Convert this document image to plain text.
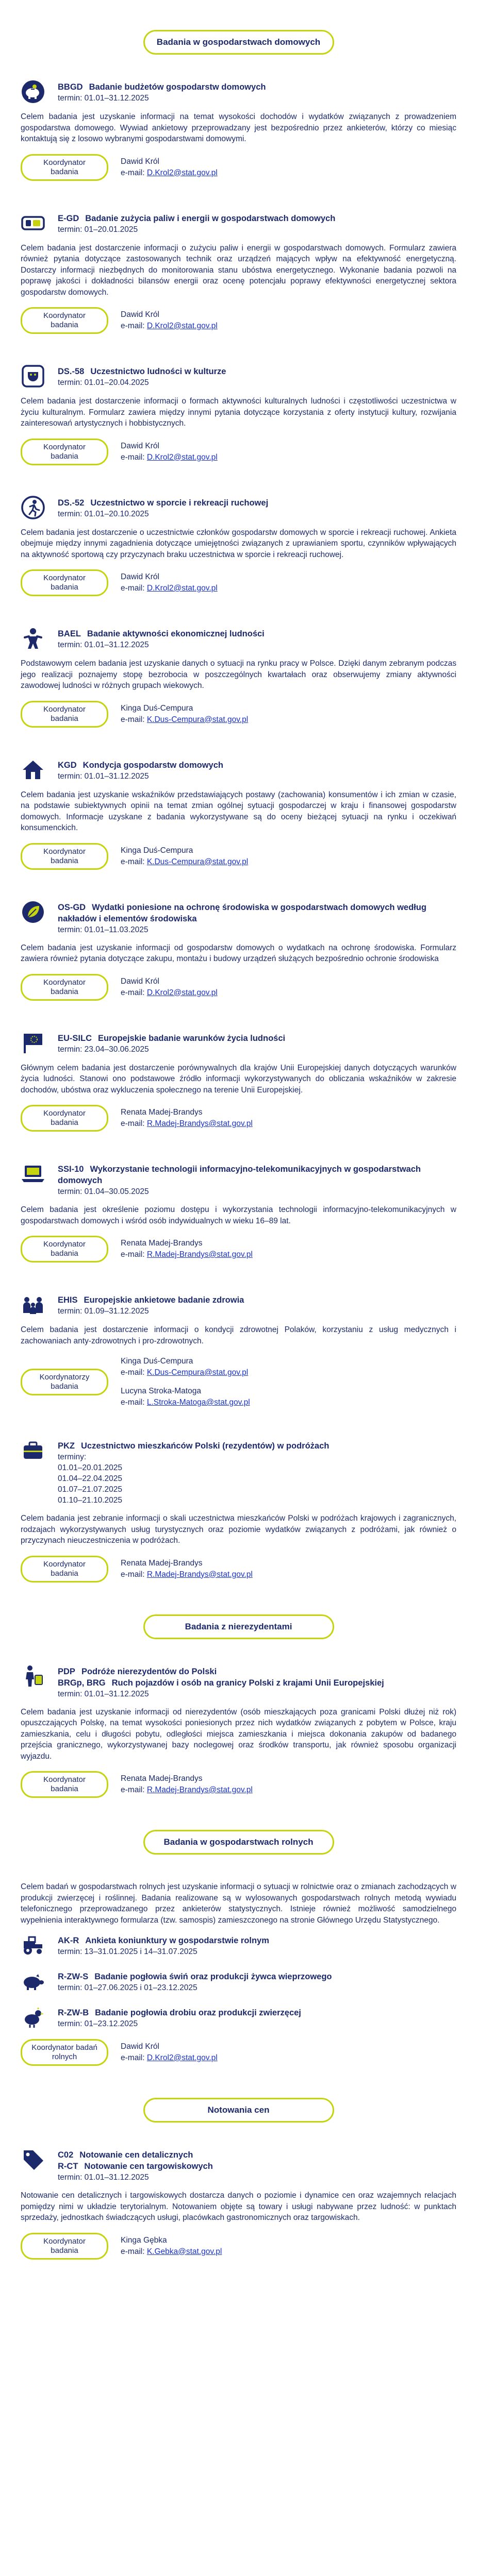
Badania w gospodarstwach domowych
BBGD Badanie budżetów gospodarstw domowych
termin: 01.01–31.12.2025
Celem badania jest uzyskanie informacji na temat wysokości dochodów i wydatków związanych z prowadzeniem gospodarstwa domowego. Wywiad ankietowy przeprowadzany jest bezpośrednio przez ankieterów, którzy co miesiąc kontaktują się z losowo wybranymi gospodarstwami domowymi.
Koordynator badania
Dawid Król
e-mail: D.Krol2@stat.gov.pl
E-GD Badanie zużycia paliw i energii w gospodarstwach domowych
termin: 01–20.01.2025
Celem badania jest dostarczenie informacji o zużyciu paliw i energii w gospodarstwach domowych. Formularz zawiera również pytania dotyczące zastosowanych technik oraz urządzeń mających wpływ na efektywność energetyczną. Dostarczy informacji niezbędnych do monitorowania stanu ubóstwa energetycznego. Wykonanie badania pozwoli na poprawę jakości i dokładności bilansów energii oraz ocenę potencjału poprawy efektywności energetycznej sektora gospodarstw domowych.
Koordynator badania
Dawid Król
e-mail: D.Krol2@stat.gov.pl
DS.-58 Uczestnictwo ludności w kulturze
termin: 01.01–20.04.2025
Celem badania jest dostarczenie informacji o formach aktywności kulturalnych ludności i częstotliwości uczestnictwa w życiu kulturalnym. Formularz zawiera między innymi pytania dotyczące korzystania z oferty instytucji kultury, rozwijania zainteresowań artystycznych i hobbistycznych.
Koordynator badania
Dawid Król
e-mail: D.Krol2@stat.gov.pl
DS.-52 Uczestnictwo w sporcie i rekreacji ruchowej
termin: 01.01–20.10.2025
Celem badania jest dostarczenie o uczestnictwie członków gospodarstw domowych w sporcie i rekreacji ruchowej. Ankieta obejmuje między innymi zagadnienia dotyczące umiejętności związanych z uprawianiem sportu, czynników wpływających na aktywność sportową czy przyczynach braku uczestnictwa w sporcie i rekreacji ruchowej.
Koordynator badania
Dawid Król
e-mail: D.Krol2@stat.gov.pl
BAEL Badanie aktywności ekonomicznej ludności
termin: 01.01–31.12.2025
Podstawowym celem badania jest uzyskanie danych o sytuacji na rynku pracy w Polsce. Dzięki danym zebranym podczas jego realizacji poznajemy stopę bezrobocia w poszczególnych kwartałach oraz obserwujemy zmiany aktywności zawodowej ludności w różnych grupach wiekowych.
Koordynator badania
Kinga Duś-Cempura
e-mail: K.Dus-Cempura@stat.gov.pl
KGD Kondycja gospodarstw domowych
termin: 01.01–31.12.2025
Celem badania jest uzyskanie wskaźników przedstawiających postawy (zachowania) konsumentów i ich zmian w czasie, na podstawie subiektywnych opinii na temat zmian ogólnej sytuacji gospodarczej w kraju i finansowej gospodarstw domowych. Informacje uzyskane z badania wykorzystywane są do oceny bieżącej sytuacji na rynku i oczekiwań konsumenckich.
Koordynator badania
Kinga Duś-Cempura
e-mail: K.Dus-Cempura@stat.gov.pl
OS-GD Wydatki poniesione na ochronę środowiska w gospodarstwach domowych według nakładów i elementów środowiska
termin: 01.01–11.03.2025
Celem badania jest uzyskanie informacji od gospodarstw domowych o wydatkach na ochronę środowiska. Formularz zawiera również pytania dotyczące zakupu, montażu i budowy urządzeń służących bezpośrednio ochronie środowiska
Koordynator badania
Dawid Król
e-mail: D.Krol2@stat.gov.pl
EU-SILC Europejskie badanie warunków życia ludności
termin: 23.04–30.06.2025
Głównym celem badania jest dostarczenie porównywalnych dla krajów Unii Europejskiej danych dotyczących warunków życia ludności. Stanowi ono podstawowe źródło informacji wykorzystywanych do obliczania wskaźników w zakresie dochodów, ubóstwa oraz wykluczenia społecznego na terenie Unii Europejskiej.
Koordynator badania
Renata Madej-Brandys
e-mail: R.Madej-Brandys@stat.gov.pl
SSI-10 Wykorzystanie technologii informacyjno-telekomunikacyjnych w gospodarstwach domowych
termin: 01.04–30.05.2025
Celem badania jest określenie poziomu dostępu i wykorzystania technologii informacyjno-telekomunikacyjnych w gospodarstwach domowych i wśród osób indywidualnych w wieku 16–89 lat.
Koordynator badania
Renata Madej-Brandys
e-mail: R.Madej-Brandys@stat.gov.pl
EHIS Europejskie ankietowe badanie zdrowia
termin: 01.09–31.12.2025
Celem badania jest dostarczenie informacji o kondycji zdrowotnej Polaków, korzystaniu z usług medycznych i zachowaniach anty-zdrowotnych i pro-zdrowotnych.
Koordynatorzy badania
Kinga Duś-Cempura
e-mail: K.Dus-Cempura@stat.gov.pl
Lucyna Stroka-Matoga
e-mail: L.Stroka-Matoga@stat.gov.pl
PKZ Uczestnictwo mieszkańców Polski (rezydentów) w podróżach
terminy:
01.01–20.01.2025
01.04–22.04.2025
01.07–21.07.2025
01.10–21.10.2025
Celem badania jest zebranie informacji o skali uczestnictwa mieszkańców Polski w podróżach krajowych i zagranicznych, rodzajach wykorzystywanych usług turystycznych oraz poziomie wydatków związanych z podróżami, jak również o przyczynach nieuczestniczenia w podróżach.
Koordynator badania
Renata Madej-Brandys
e-mail: R.Madej-Brandys@stat.gov.pl
Badania z nierezydentami
PDP Podróże nierezydentów do Polski
BRGp, BRG Ruch pojazdów i osób na granicy Polski z krajami Unii Europejskiej
termin: 01.01–31.12.2025
Celem badania jest uzyskanie informacji od nierezydentów (osób mieszkających poza granicami Polski dłużej niż rok) opuszczających Polskę, na temat wysokości poniesionych przez nich wydatków związanych z pobytem w Polsce, kraju zamieszkania, celu i długości pobytu, odległości miejsca zamieszkania i miejsca dokonania zakupów od badanego przejścia granicznego, wykorzystywanej bazy noclegowej oraz środków transportu, jak również sposobu organizacji wyjazdu.
Koordynator badania
Renata Madej-Brandys
e-mail: R.Madej-Brandys@stat.gov.pl
Badania w gospodarstwach rolnych
Celem badań w gospodarstwach rolnych jest uzyskanie informacji o sytuacji w rolnictwie oraz o zmianach zachodzących w produkcji zwierzęcej i roślinnej. Badania realizowane są w wylosowanych gospodarstwach rolnych metodą wywiadu telefonicznego przeprowadzanego przez ankieterów statystycznych. Istnieje również możliwość samodzielnego wypełnienia interaktywnego formularza (tzw. samospis) zamieszczonego na stronie Głównego Urzędu Statystycznego.
AK-R Ankieta koniunktury w gospodarstwie rolnym
termin: 13–31.01.2025 i 14–31.07.2025
R-ZW-S Badanie pogłowia świń oraz produkcji żywca wieprzowego
termin: 01–27.06.2025 i 01–23.12.2025
R-ZW-B Badanie pogłowia drobiu oraz produkcji zwierzęcej
termin: 01–23.12.2025
Koordynator badań rolnych
Dawid Król
e-mail: D.Krol2@stat.gov.pl
Notowania cen
C02 Notowanie cen detalicznych
R-CT Notowanie cen targowiskowych
termin: 01.01–31.12.2025
Notowanie cen detalicznych i targowiskowych dostarcza danych o poziomie i dynamice cen oraz wzajemnych relacjach pomiędzy nimi w układzie terytorialnym. Notowaniem objęte są towary i usługi nabywane przez ludność: w punktach sprzedaży, jednostkach świadczących usługi, placówkach gastronomicznych oraz targowiskach.
Koordynator badania
Kinga Gębka
e-mail: K.Gebka@stat.gov.pl
